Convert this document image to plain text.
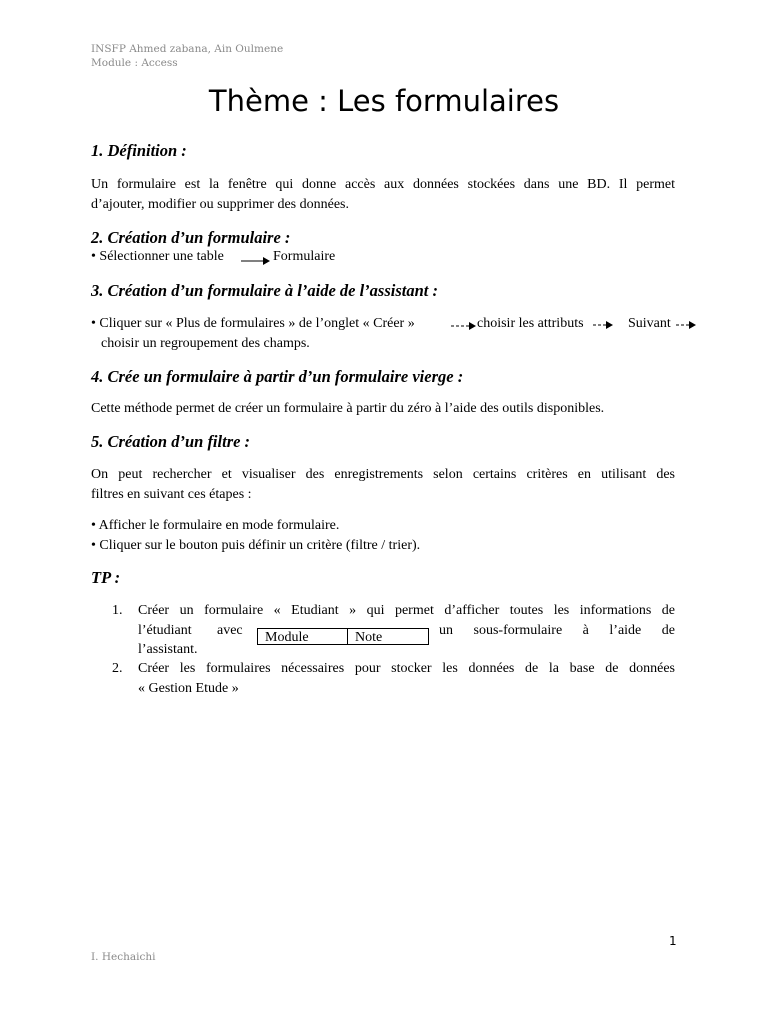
INSFP Ahmed zabana, Ain Oulmene
Module : Access
Thème : Les formulaires
1. Définition :
Un formulaire est la fenêtre qui donne accès aux données stockées dans une BD. Il permet
d’ajouter, modifier ou supprimer des données.
2. Création d’un formulaire :
• Sélectionner une table	Formulaire
3. Création d’un formulaire à l’aide de l’assistant :
• Cliquer sur « Plus de formulaires » de l’onglet « Créer »	choisir les attributs	Suivant
choisir un regroupement des champs.
4. Crée un formulaire à partir d’un formulaire vierge :
Cette méthode permet de créer un formulaire à partir du zéro à l’aide des outils disponibles.
5. Création d’un filtre :
On peut rechercher et visualiser des enregistrements selon certains critères en utilisant des
filtres en suivant ces étapes :
• Afficher le formulaire en mode formulaire.
• Cliquer sur le bouton puis définir un critère (filtre / trier).
TP :
1. Créer un formulaire « Etudiant » qui permet d’afficher toutes les informations de
l’étudiant avec	Module	Note	un sous-formulaire à l’aide de
l’assistant.
2. Créer les formulaires nécessaires pour stocker les données de la base de données
« Gestion Etude »
1
I. Hechaichi
